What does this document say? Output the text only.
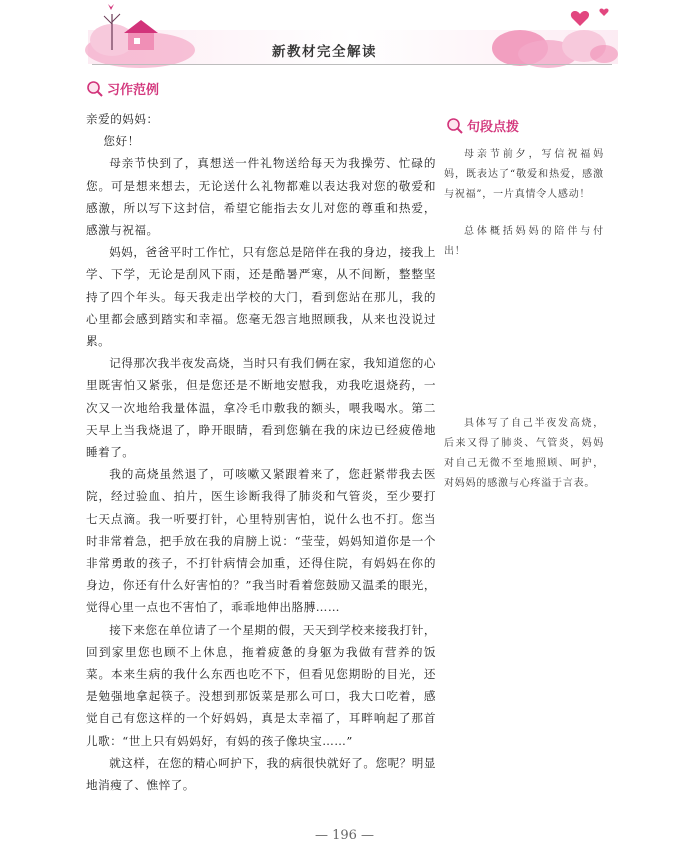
新教材完全解读
习作范例
句段点拨

亲爱的妈妈：

您好！

母亲节快到了，真想送一件礼物送给每天为我操劳、忙碌的您。可是想来想去，无论送什么礼物都难以表达我对您的敬爱和感激，所以写下这封信，希望它能指去女儿对您的尊重和热爱，感激与祝福。

妈妈，爸爸平时工作忙，只有您总是陪伴在我的身边，接我上学、下学，无论是刮风下雨，还是酷暑严寒，从不间断，整整坚持了四个年头。每天我走出学校的大门，看到您站在那儿，我的心里都会感到踏实和幸福。您毫无怨言地照顾我，从来也没说过累。

记得那次我半夜发高烧，当时只有我们俩在家，我知道您的心里既害怕又紧张，但是您还是不断地安慰我，劝我吃退烧药，一次又一次地给我量体温，拿冷毛巾敷我的额头，喂我喝水。第二天早上当我烧退了，睁开眼睛，看到您躺在我的床边已经疲倦地睡着了。

我的高烧虽然退了，可咳嗽又紧跟着来了，您赶紧带我去医院，经过验血、拍片，医生诊断我得了肺炎和气管炎，至少要打七天点滴。我一听要打针，心里特别害怕，说什么也不打。您当时非常着急，把手放在我的肩膀上说：“莹莹，妈妈知道你是一个非常勇敢的孩子，不打针病情会加重，还得住院，有妈妈在你的身边，你还有什么好害怕的？”我当时看着您鼓励又温柔的眼光，觉得心里一点也不害怕了，乖乖地伸出胳膊……

接下来您在单位请了一个星期的假，天天到学校来接我打针，回到家里您也顾不上休息，拖着疲惫的身躯为我做有营养的饭菜。本来生病的我什么东西也吃不下，但看见您期盼的目光，还是勉强地拿起筷子。没想到那饭菜是那么可口，我大口吃着，感觉自己有您这样的一个好妈妈，真是太幸福了，耳畔响起了那首儿歌：“世上只有妈妈好，有妈的孩子像块宝……”

就这样，在您的精心呵护下，我的病很快就好了。您呢？明显地消瘦了、憔悴了。

母亲节前夕，写信祝福妈妈，既表达了“敬爱和热爱，感激与祝福”，一片真情令人感动！

总体概括妈妈的陪伴与付出！

具体写了自己半夜发高烧，后来又得了肺炎、气管炎，妈妈对自己无微不至地照顾、呵护，对妈妈的感激与心疼溢于言表。

— 196 —
